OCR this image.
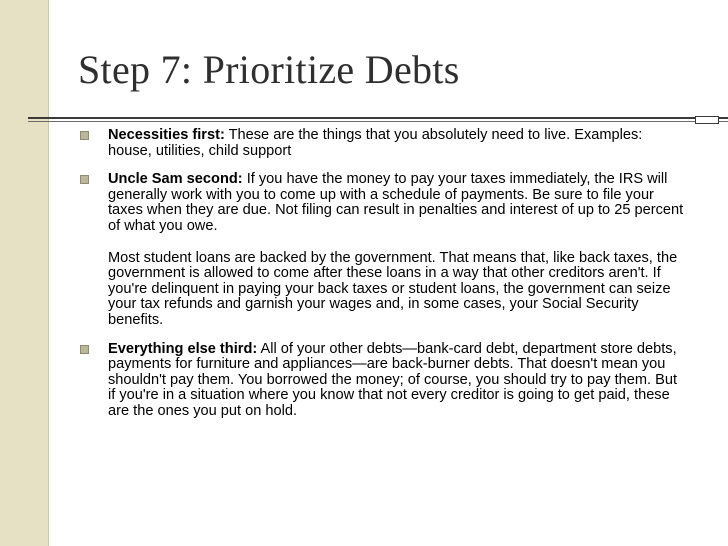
Step 7: Prioritize Debts

Necessities first: These are the things that you absolutely need to live. Examples: house, utilities, child support

Uncle Sam second: If you have the money to pay your taxes immediately, the IRS will generally work with you to come up with a schedule of payments. Be sure to file your taxes when they are due. Not filing can result in penalties and interest of up to 25 percent of what you owe.

Most student loans are backed by the government. That means that, like back taxes, the government is allowed to come after these loans in a way that other creditors aren't. If you're delinquent in paying your back taxes or student loans, the government can seize your tax refunds and garnish your wages and, in some cases, your Social Security benefits.

Everything else third: All of your other debts—bank-card debt, department store debts, payments for furniture and appliances—are back-burner debts. That doesn't mean you shouldn't pay them. You borrowed the money; of course, you should try to pay them. But if you're in a situation where you know that not every creditor is going to get paid, these are the ones you put on hold.
